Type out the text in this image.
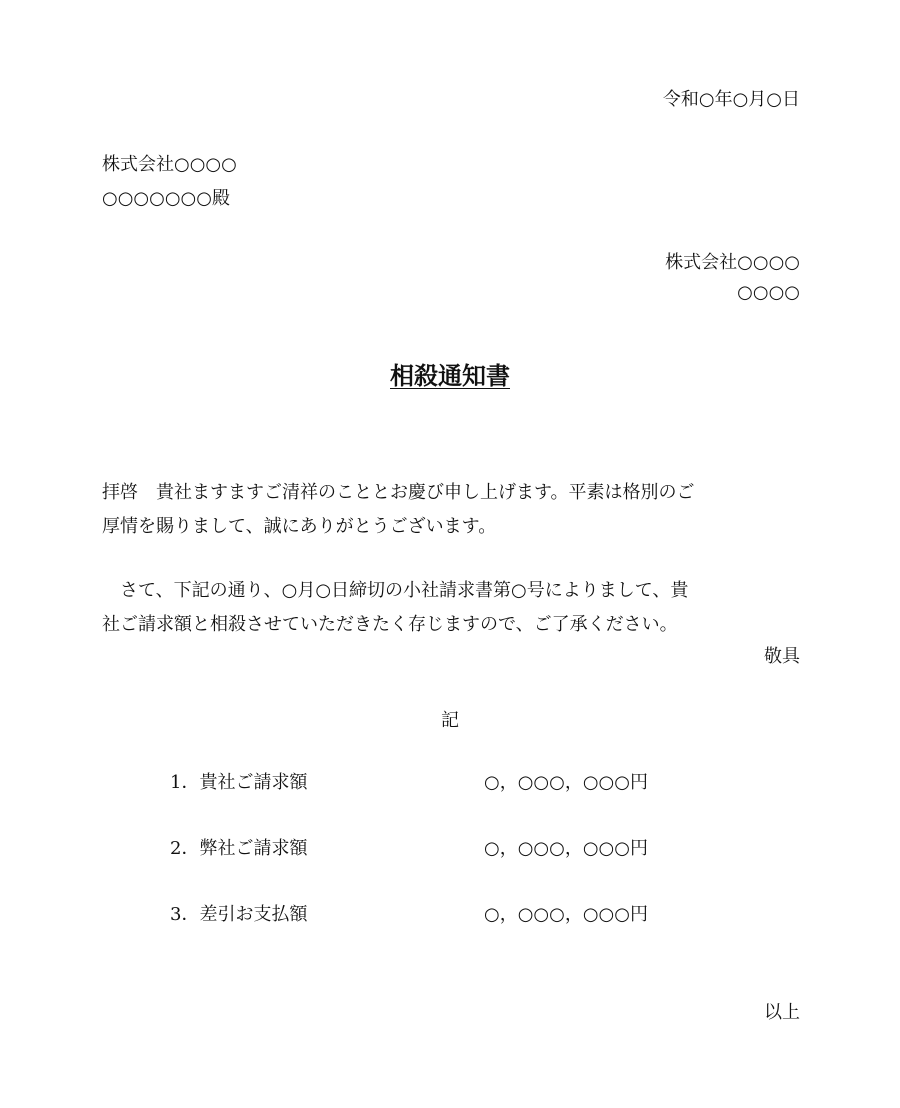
令和○年○月○日
株式会社○○○○
○○○○○○○殿
株式会社○○○○
○○○○
相殺通知書
拝啓　貴社ますますご清祥のこととお慶び申し上げます。平素は格別のご
厚情を賜りまして、誠にありがとうございます。
さて、下記の通り、○月○日締切の小社請求書第○号によりまして、貴
社ご請求額と相殺させていただきたく存じますので、ご了承ください。
敬具
記
1．貴社ご請求額	○，○○○，○○○円
2．弊社ご請求額	○，○○○，○○○円
3．差引お支払額	○，○○○，○○○円
以上
